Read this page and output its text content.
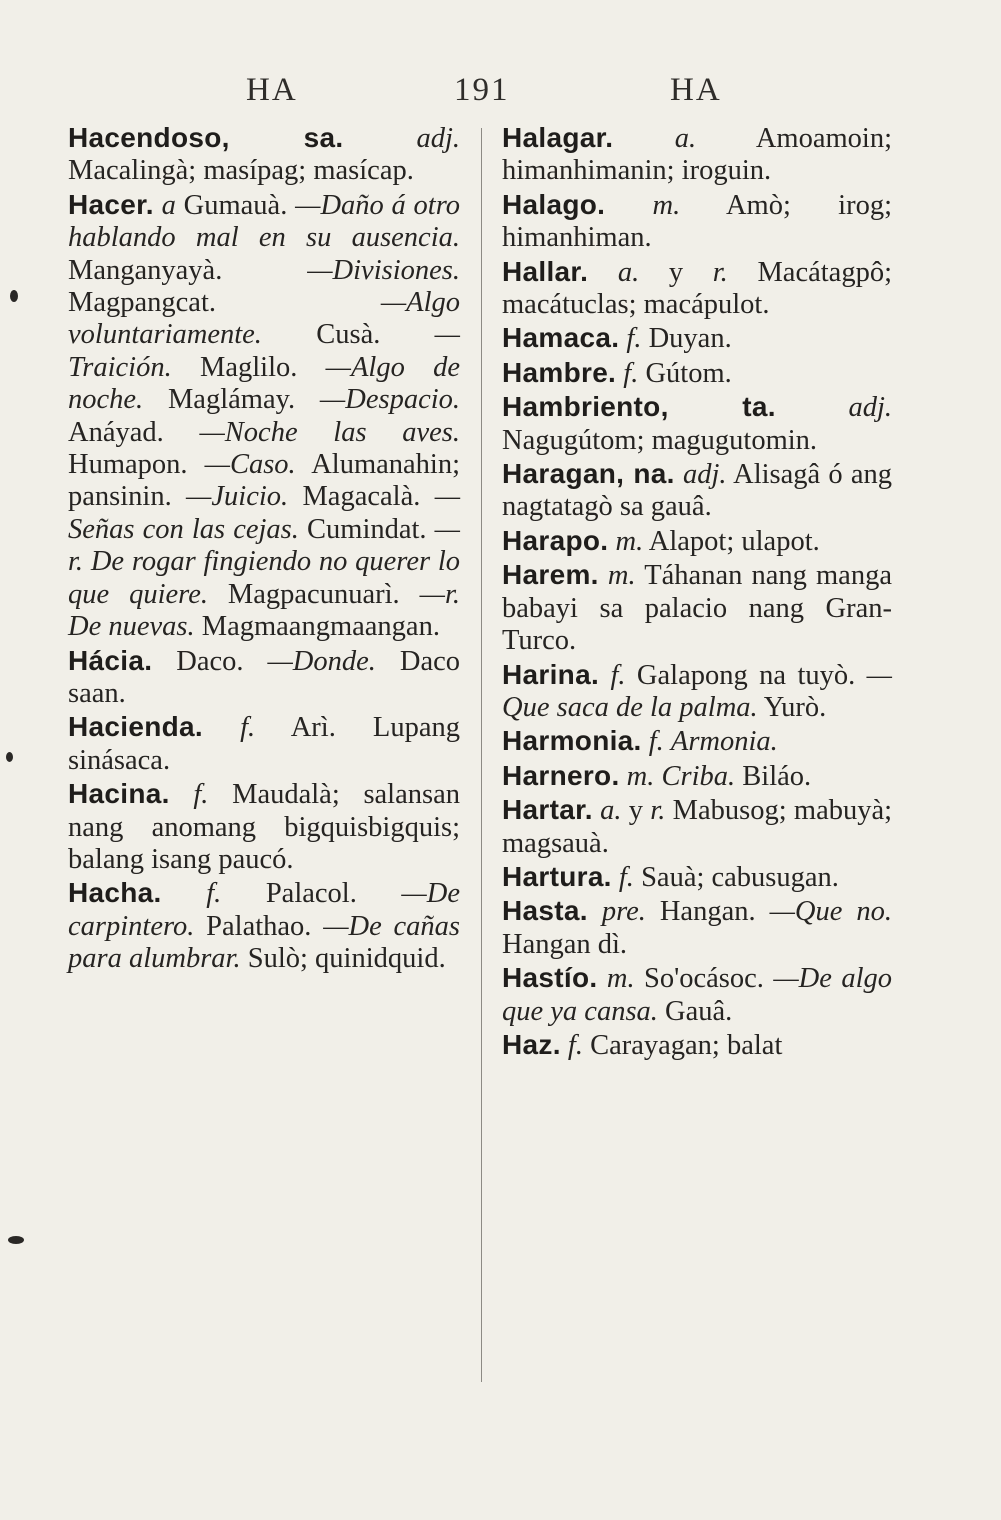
HA	191	HA
Hacendoso, sa.	adj. Macalingà; masípag; masícap.
Hacer. a Gumauà. —Daño á otro hablando mal en su ausencia. Manganyayà.	—Divisiones. Magpangcat.	—Algo voluntariamente. Cusà. —Traición. Maglilo. —Algo de noche. Maglámay. —Despacio. Anáyad. —Noche las aves. Humapon. —Caso. Alumanahin; pansinin. —Juicio. Magacalà. —Señas con las cejas. Cumindat. —r. De rogar fingiendo no querer lo que quiere. Magpacunuarì. —r. De nuevas. Magmaangmaangan.
Hácia. Daco. —Donde. Daco saan.
Hacienda. f. Arì. Lupang sinásaca.
Hacina. f. Maudalà; salansan nang anomang bigquisbigquis; balang isang paucó.
Hacha. f. Palacol. —De carpintero. Palathao. —De cañas para alumbrar. Sulò; quinidquid.
Halagar. a. Amoamoin; himanhimanin; iroguin.
Halago. m. Amò; irog; himanhiman.
Hallar. a. y r. Macátagpô; macátuclas; macápulot.
Hamaca. f. Duyan.
Hambre. f. Gútom.
Hambriento, ta.	adj. Nagugútom; magugutomin.
Haragan, na. adj. Alisagâ ó ang nagtatagò sa gauâ.
Harapo. m. Alapot; ulapot.
Harem. m. Táhanan nang manga babayi sa palacio nang Gran-Turco.
Harina. f. Galapong na tuyò. —Que saca de la palma. Yurò.
Harmonia. f. Armonia.
Harnero. m. Criba. Biláo.
Hartar. a. y r. Mabusog; mabuyà; magsauà.
Hartura. f. Sauà; cabusugan.
Hasta. pre. Hangan. —Que no. Hangan dì.
Hastío. m. So'ocásoc. —De algo que ya cansa. Gauâ.
Haz. f. Carayagan; balat
